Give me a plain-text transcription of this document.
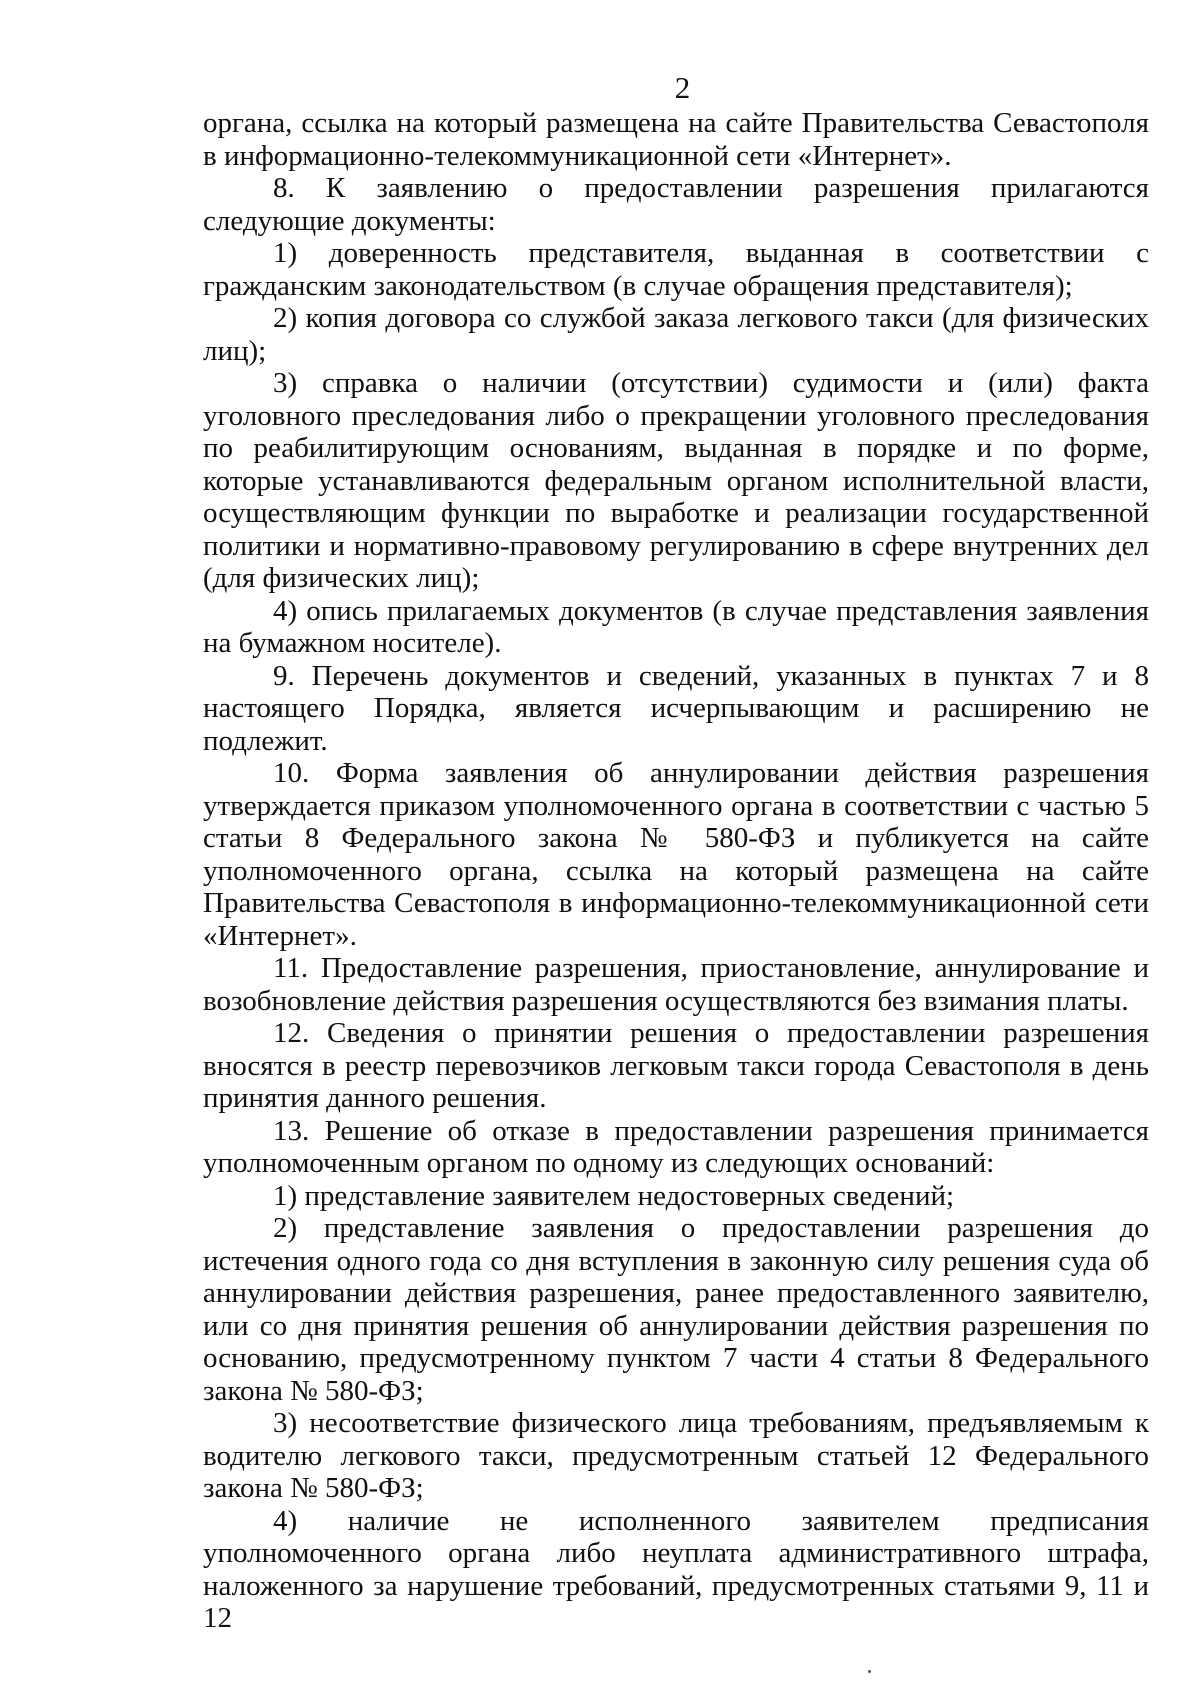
2

органа, ссылка на который размещена на сайте Правительства Севастополя в информационно-телекоммуникационной сети «Интернет».

8. К заявлению о предоставлении разрешения прилагаются следующие документы:

1) доверенность представителя, выданная в соответствии с гражданским законодательством (в случае обращения представителя);

2) копия договора со службой заказа легкового такси (для физических лиц);

3) справка о наличии (отсутствии) судимости и (или) факта уголовного преследования либо о прекращении уголовного преследования по реабилитирующим основаниям, выданная в порядке и по форме, которые устанавливаются федеральным органом исполнительной власти, осуществляющим функции по выработке и реализации государственной политики и нормативно-правовому регулированию в сфере внутренних дел (для физических лиц);

4) опись прилагаемых документов (в случае представления заявления на бумажном носителе).

9. Перечень документов и сведений, указанных в пунктах 7 и 8 настоящего Порядка, является исчерпывающим и расширению не подлежит.

10. Форма заявления об аннулировании действия разрешения утверждается приказом уполномоченного органа в соответствии с частью 5 статьи 8 Федерального закона № 580-ФЗ и публикуется на сайте уполномоченного органа, ссылка на который размещена на сайте Правительства Севастополя в информационно-телекоммуникационной сети «Интернет».

11. Предоставление разрешения, приостановление, аннулирование и возобновление действия разрешения осуществляются без взимания платы.

12. Сведения о принятии решения о предоставлении разрешения вносятся в реестр перевозчиков легковым такси города Севастополя в день принятия данного решения.

13. Решение об отказе в предоставлении разрешения принимается уполномоченным органом по одному из следующих оснований:

1) представление заявителем недостоверных сведений;

2) представление заявления о предоставлении разрешения до истечения одного года со дня вступления в законную силу решения суда об аннулировании действия разрешения, ранее предоставленного заявителю, или со дня принятия решения об аннулировании действия разрешения по основанию, предусмотренному пунктом 7 части 4 статьи 8 Федерального закона № 580-ФЗ;

3) несоответствие физического лица требованиям, предъявляемым к водителю легкового такси, предусмотренным статьей 12 Федерального закона № 580-ФЗ;

4) наличие не исполненного заявителем предписания уполномоченного органа либо неуплата административного штрафа, наложенного за нарушение требований, предусмотренных статьями 9, 11 и 12
